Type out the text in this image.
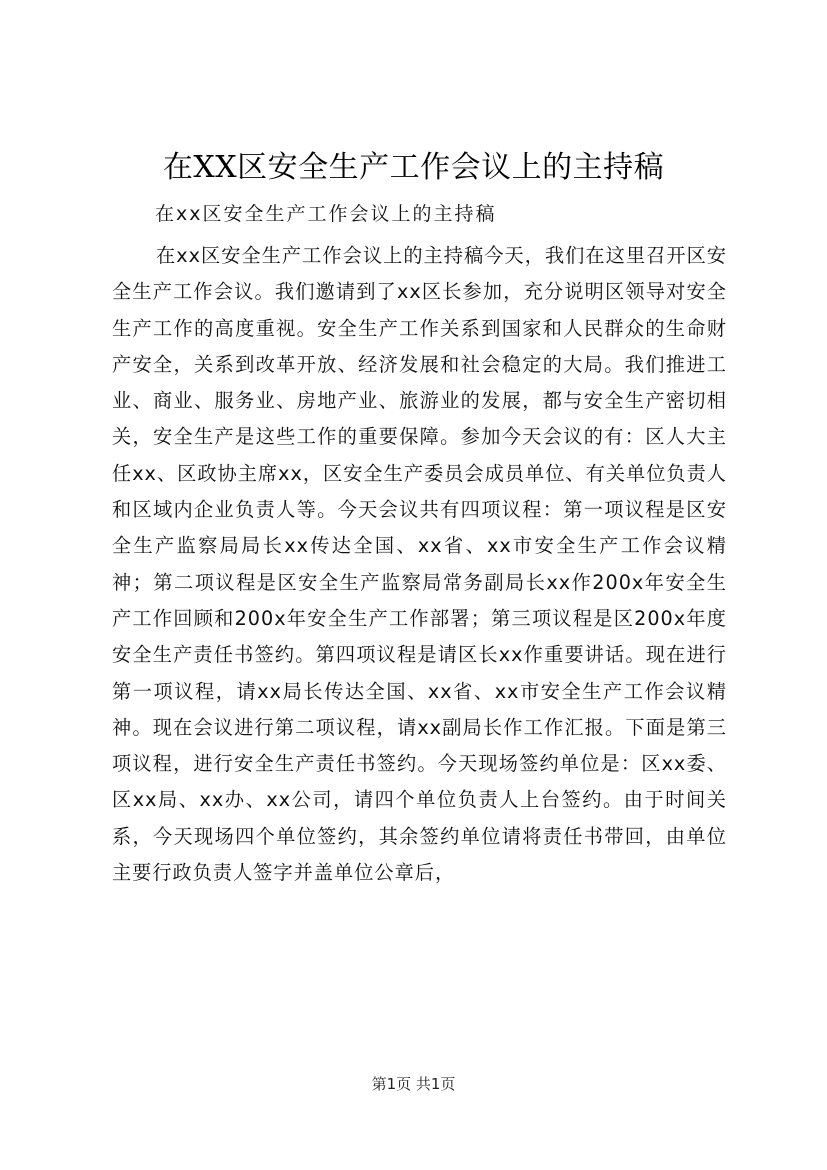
在XX区安全生产工作会议上的主持稿
在xx区安全生产工作会议上的主持稿

在xx区安全生产工作会议上的主持稿今天，我们在这里召开区安全生产工作会议。我们邀请到了xx区长参加，充分说明区领导对安全生产工作的高度重视。安全生产工作关系到国家和人民群众的生命财产安全，关系到改革开放、经济发展和社会稳定的大局。我们推进工业、商业、服务业、房地产业、旅游业的发展，都与安全生产密切相关，安全生产是这些工作的重要保障。参加今天会议的有：区人大主任xx、区政协主席xx，区安全生产委员会成员单位、有关单位负责人和区域内企业负责人等。今天会议共有四项议程：第一项议程是区安全生产监察局局长xx传达全国、xx省、xx市安全生产工作会议精神；第二项议程是区安全生产监察局常务副局长xx作200x年安全生产工作回顾和200x年安全生产工作部署；第三项议程是区200x年度安全生产责任书签约。第四项议程是请区长xx作重要讲话。现在进行第一项议程，请xx局长传达全国、xx省、xx市安全生产工作会议精神。现在会议进行第二项议程，请xx副局长作工作汇报。下面是第三项议程，进行安全生产责任书签约。今天现场签约单位是：区xx委、区xx局、xx办、xx公司，请四个单位负责人上台签约。由于时间关系，今天现场四个单位签约，其余签约单位请将责任书带回，由单位主要行政负责人签字并盖单位公章后，

第1页 共1页
